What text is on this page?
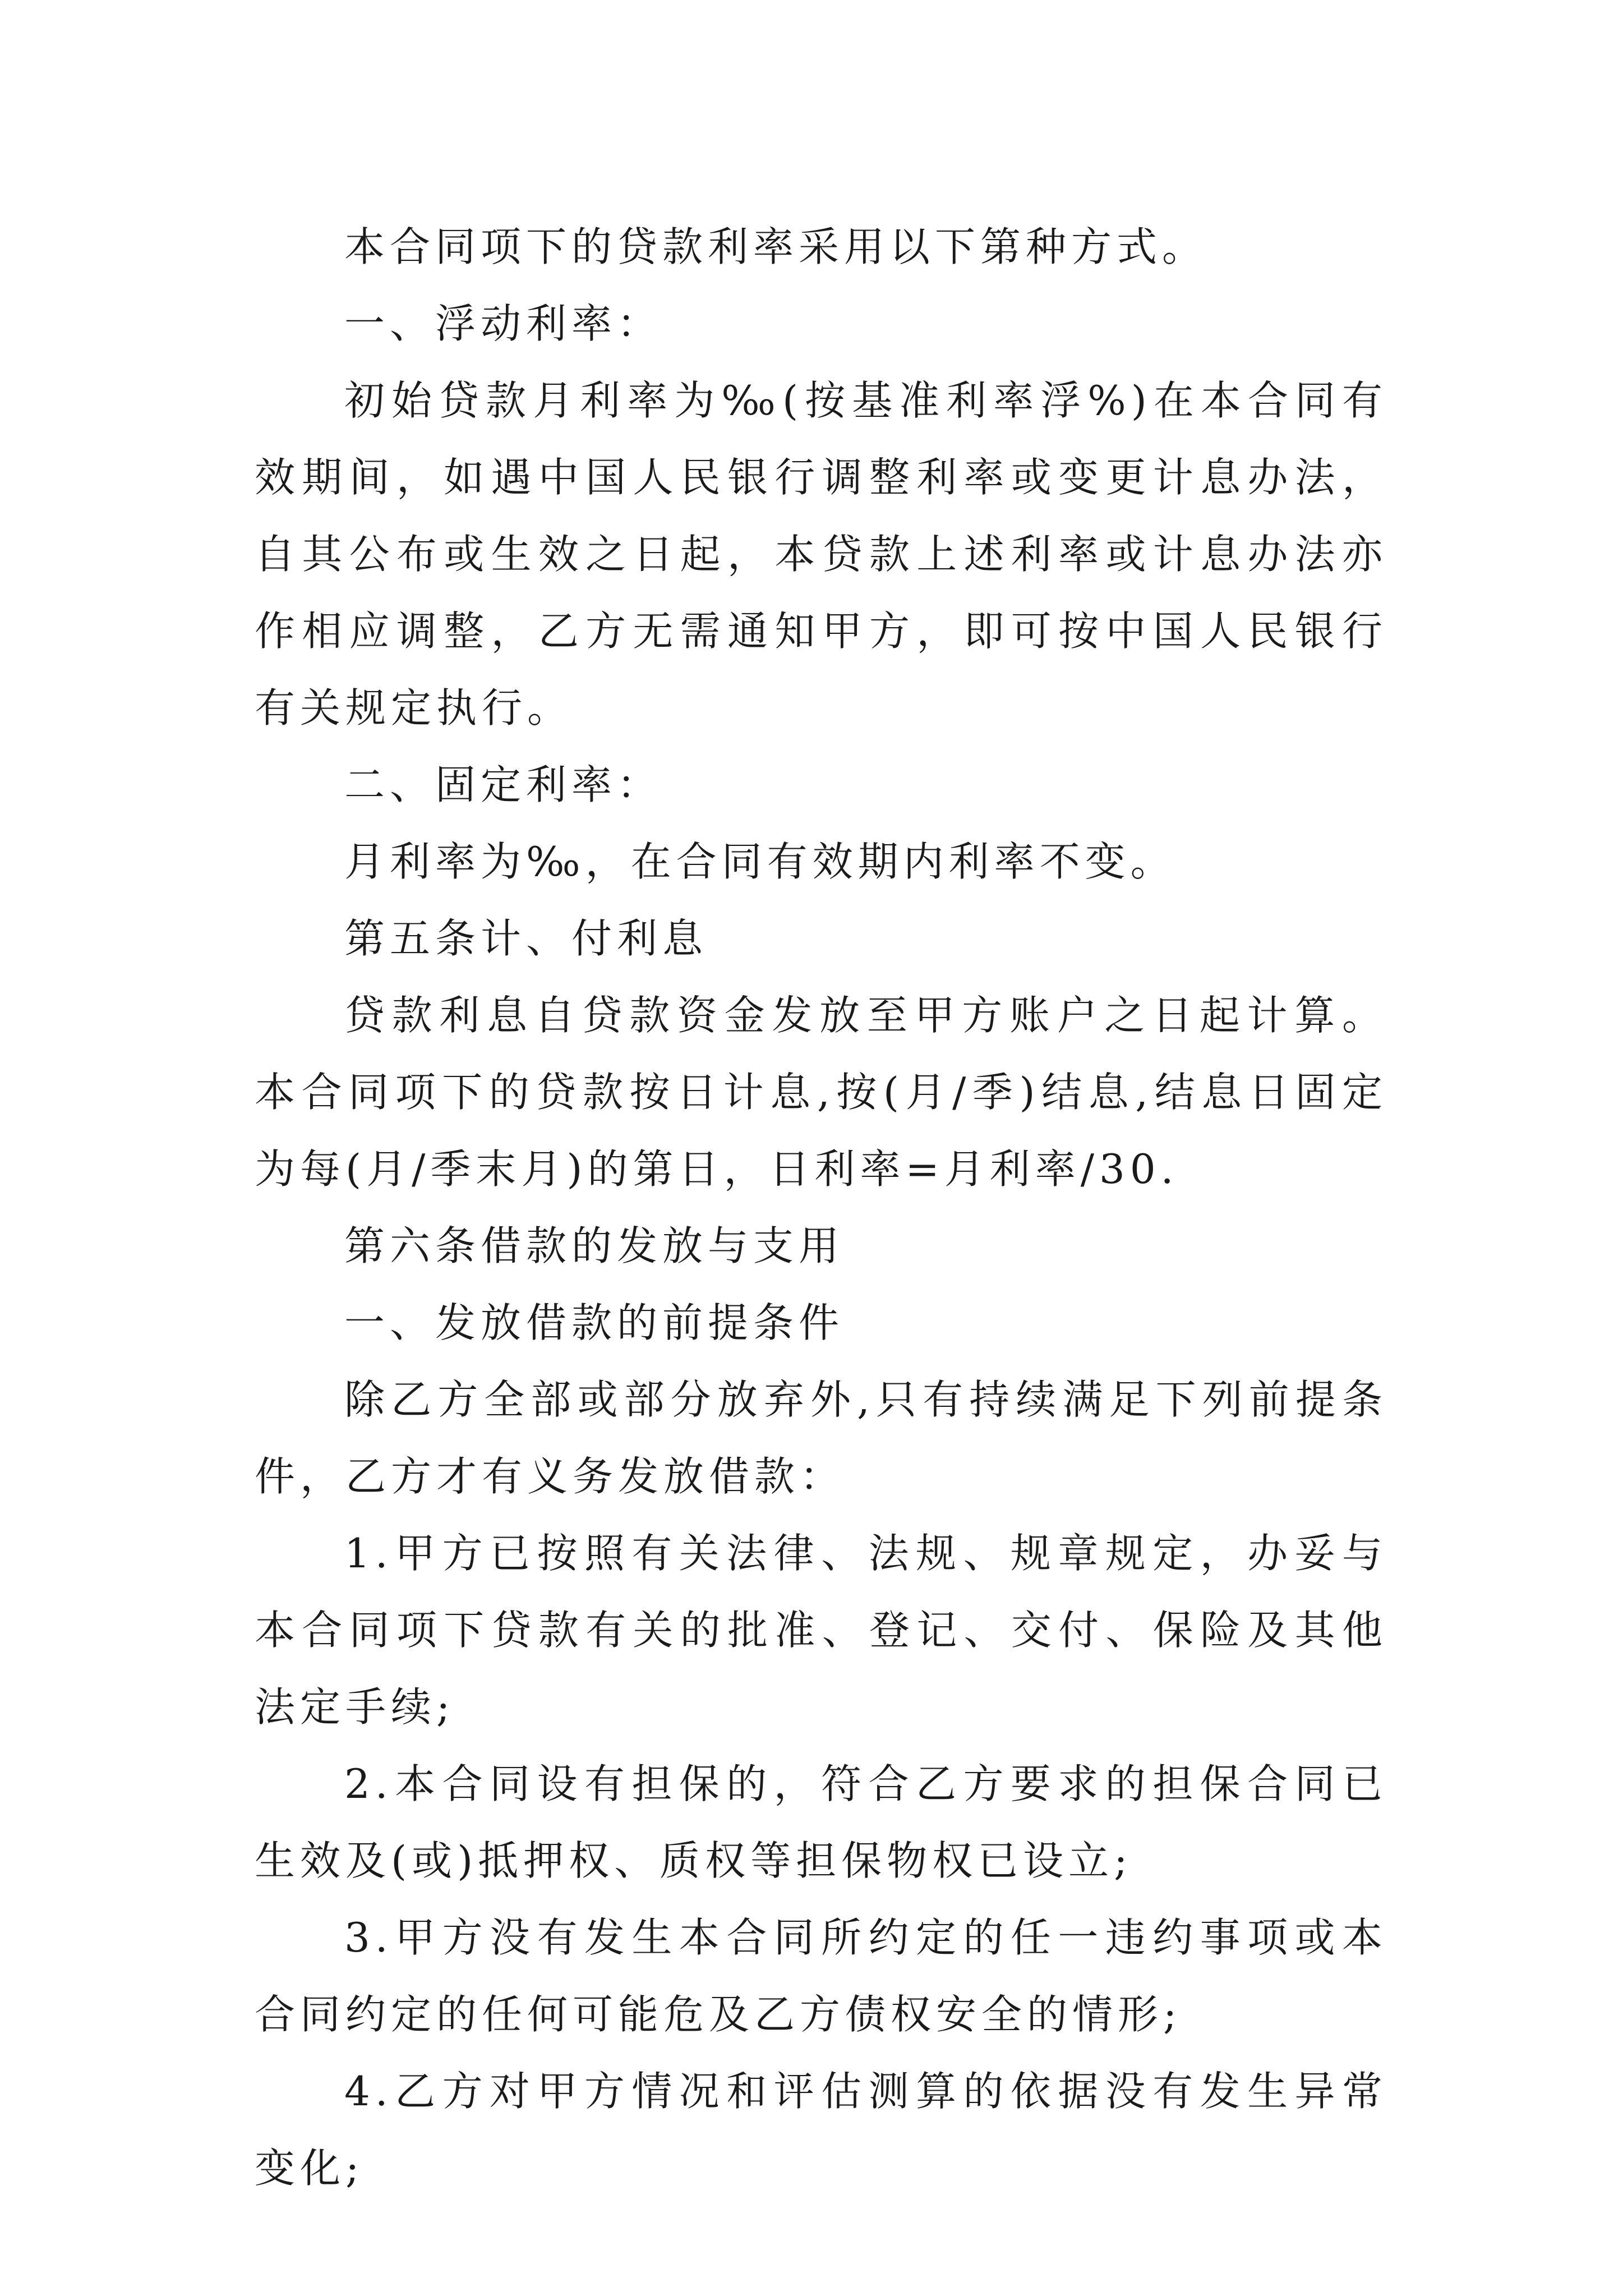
本合同项下的贷款利率采用以下第种方式。

一、浮动利率：

初始贷款月利率为‰(按基准利率浮%)在本合同有效期间，如遇中国人民银行调整利率或变更计息办法，自其公布或生效之日起，本贷款上述利率或计息办法亦作相应调整，乙方无需通知甲方，即可按中国人民银行有关规定执行。

二、固定利率：

月利率为‰，在合同有效期内利率不变。

第五条计、付利息

贷款利息自贷款资金发放至甲方账户之日起计算。本合同项下的贷款按日计息,按(月/季)结息,结息日固定为每(月/季末月)的第日，日利率=月利率/30.

第六条借款的发放与支用

一、发放借款的前提条件

除乙方全部或部分放弃外,只有持续满足下列前提条件，乙方才有义务发放借款：

1.甲方已按照有关法律、法规、规章规定，办妥与本合同项下贷款有关的批准、登记、交付、保险及其他法定手续;

2.本合同设有担保的，符合乙方要求的担保合同已生效及(或)抵押权、质权等担保物权已设立;

3.甲方没有发生本合同所约定的任一违约事项或本合同约定的任何可能危及乙方债权安全的情形;

4.乙方对甲方情况和评估测算的依据没有发生异常变化;
